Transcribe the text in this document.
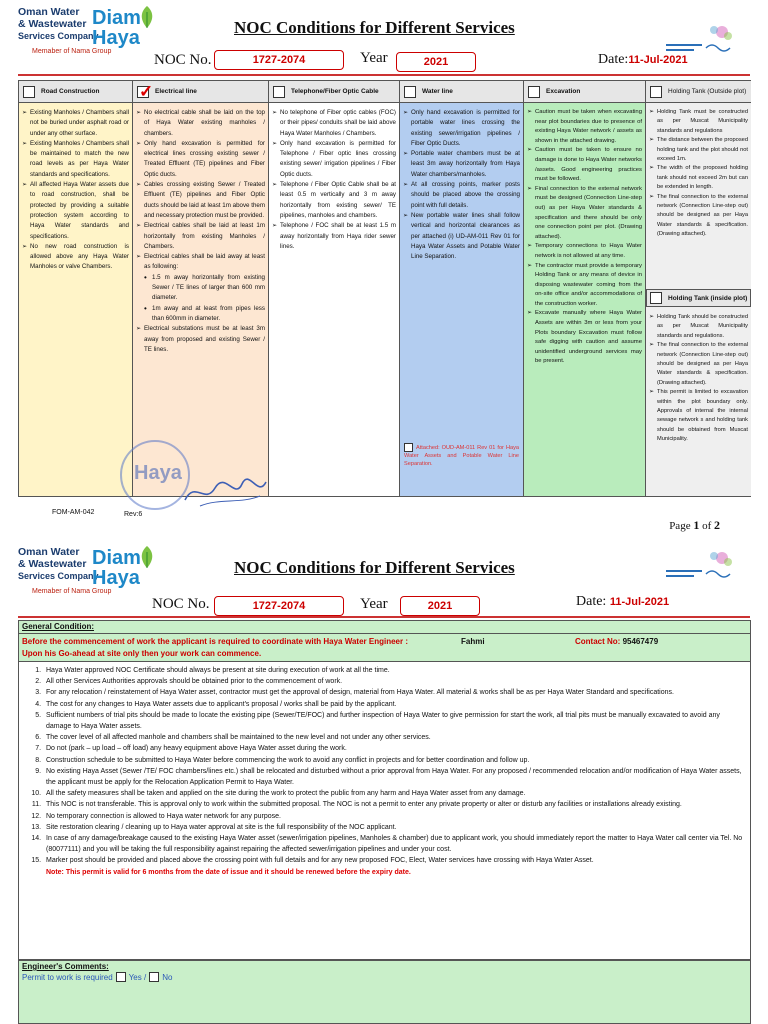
Oman Water
& Wastewater
Services Company
Diam
Haya
Memaber of Nama Group
NOC Conditions for Different Services
NOC No.	1727-2074	Year	2021	Date:11-Jul-2021
Road Construction
➢ Existing Manholes / Chambers shall not be buried under asphalt road or under any other surface.
➢ Existing Manholes / Chambers shall be maintained to match the new road levels as per Haya Water standards and specifications.
➢ All affected Haya Water assets due to road construction, shall be protected by providing a suitable protection system according to Haya Water standards and specifications.
➢ No new road construction is allowed above any Haya Water Manholes or valve Chambers.
✓
Electrical line
➢ No electrical cable shall be laid on the top of Haya Water existing manholes / chambers.
➢ Only hand excavation is permitted for electrical lines crossing existing sewer / Treated Effluent (TE) pipelines and Fiber Optic ducts.
➢ Cables crossing existing Sewer / Treated Effluent (TE) pipelines and Fiber Optic ducts should be laid at least 1m above them and necessary protection must be provided.
➢ Electrical cables shall be laid at least 1m horizontally from existing Manholes / Chambers.
➢ Electrical cables shall be laid away at least as following:
• 1.5 m away horizontally from existing Sewer / TE lines of larger than 600 mm diameter.
• 1m away and at least from pipes less than 600mm in diameter.
➢ Electrical substations must be at least 3m away from proposed and existing Sewer / TE lines.
Telephone/Fiber Optic Cable
➢ No telephone of Fiber optic cables (FOC) or their pipes/ conduits shall be laid above Haya Water Manholes / Chambers.
➢ Only hand excavation is permitted for Telephone / Fiber optic lines crossing existing sewer/ irrigation pipelines / Fiber Optic ducts.
➢ Telephone / Fiber Optic Cable shall be at least 0.5 m vertically and 3 m away horizontally from existing sewer/ TE pipelines, manholes and chambers.
➢ Telephone / FOC shall be at least 1.5 m away horizontally from Haya rider sewer lines.
Water line
➢ Only hand excavation is permitted for portable water lines crossing the existing sewer/irrigation pipelines / Fiber Optic Ducts.
➢ Portable water chambers must be at least 3m away horizontally from Haya Water chambers/manholes.
➢ At all crossing points, marker posts should be placed above the crossing point with full details.
➢ New portable water lines shall follow vertical and horizontal clearances as per attached (i) UD-AM-011 Rev 01 for Haya Water Assets and Potable Water Line Separation.
Attached: OUD-AM-011 Rev 01 for Haya Water Assets and Potable Water Line Separation.
Excavation
➢ Caution must be taken when excavating near plot boundaries due to presence of existing Haya Water network / assets as shown in the attached drawing.
➢ Caution must be taken to ensure no damage is done to Haya Water networks /assets. Good engineering practices must be followed.
➢ Final connection to the external network must be designed (Connection Line-step out) as per Haya Water standards & specification and there should be only one connection point per plot. (Drawing attached).
➢ Temporary connections to Haya Water network is not allowed at any time.
➢ The contractor must provide a temporary Holding Tank or any means of device in disposing wastewater coming from the on-site office and/or accommodations of the construction worker.
➢ Excavate manually where Haya Water Assets are within 3m or less from your Plots boundary Excavation must follow safe digging with caution and assume unidentified underground services may be present.
Holding Tank (Outside plot)
➢ Holding Tank must be constructed as per Muscat Municipality standards and regulations
➢ The distance between the proposed holding tank and the plot should not exceed 1m.
➢ The width of the proposed holding tank should not exceed 2m but can be extended in length.
➢ The final connection to the external network (Connection Line-step out) should be designed as per Haya Water standards & specification. (Drawing attached).
Holding Tank (inside plot)
➢ Holding Tank should be constructed as per Muscat Municipality standards and regulations.
➢ The final connection to the external network (Connection Line-step out) should be designed as per Haya Water standards & specification. (Drawing attached).
➢ This permit is limited to excavation within the plot boundary only. Approvals of internal the internal sewage network s and holding tank should be obtained from Muscat Municipality.
Haya
FOM-AM-042	Rev:6
Page 1 of 2
Oman Water
& Wastewater
Services Company
Diam
Haya
Memaber of Nama Group
NOC Conditions for Different Services
NOC No.	1727-2074	Year	2021	Date: 11-Jul-2021
General Condition:
Before the commencement of work the applicant is required to coordinate with Haya Water Engineer :	Fahmi	Contact No: 95467479
Upon his Go-ahead at site only then your work can commence.
1. Haya Water approved NOC Certificate should always be present at site during execution of work at all the time.
2. All other Services Authorities approvals should be obtained prior to the commencement of work.
3. For any relocation / reinstatement of Haya Water asset, contractor must get the approval of design, material from Haya Water. All material & works shall be as per Haya Water Standard and specifications.
4. The cost for any changes to Haya Water assets due to applicant's proposal / works shall be paid by the applicant.
5. Sufficient numbers of trial pits should be made to locate the existing pipe (Sewer/TE/FOC) and further inspection of Haya Water to give permission for start the work, all trial pits must be manually excavated to avoid any damage to Haya Water assets.
6. The cover level of all affected manhole and chambers shall be maintained to the new level and not under any other services.
7. Do not (park – up load – off load) any heavy equipment above Haya Water asset during the work.
8. Construction schedule to be submitted to Haya Water before commencing the work to avoid any conflict in projects and for better coordination and follow up.
9. No existing Haya Asset (Sewer /TE/ FOC chambers/lines etc.) shall be relocated and disturbed without a prior approval from Haya Water. For any proposed / recommended relocation and/or modification of Haya Water assets, the applicant must be apply for the Relocation Application Permit to Haya Water.
10. All the safety measures shall be taken and applied on the site during the work to protect the public from any harm and Haya Water asset from any damage.
11. This NOC is not transferable. This is approval only to work within the submitted proposal. The NOC is not a permit to enter any private property or alter or disturb any facilities or installations already existing.
12. No temporary connection is allowed to Haya water network for any purpose.
13. Site restoration clearing / cleaning up to Haya water approval at site is the full responsibility of the NOC applicant.
14. In case of any damage/breakage caused to the existing Haya Water asset (sewer/irrigation pipelines, Manholes & chamber) due to applicant work, you should immediately report the matter to Haya Water call center via Tel. No (80077111) and you will be taking the full responsibility against repairing the affected sewer/irrigation pipelines and under your cost.
15. Marker post should be provided and placed above the crossing point with full details and for any new proposed FOC, Elect, Water services have crossing with Haya Water Asset.
Note: This permit is valid for 6 months from the date of issue and it should be renewed before the expiry date.
Engineer's Comments:
Permit to work is required Yes / No
